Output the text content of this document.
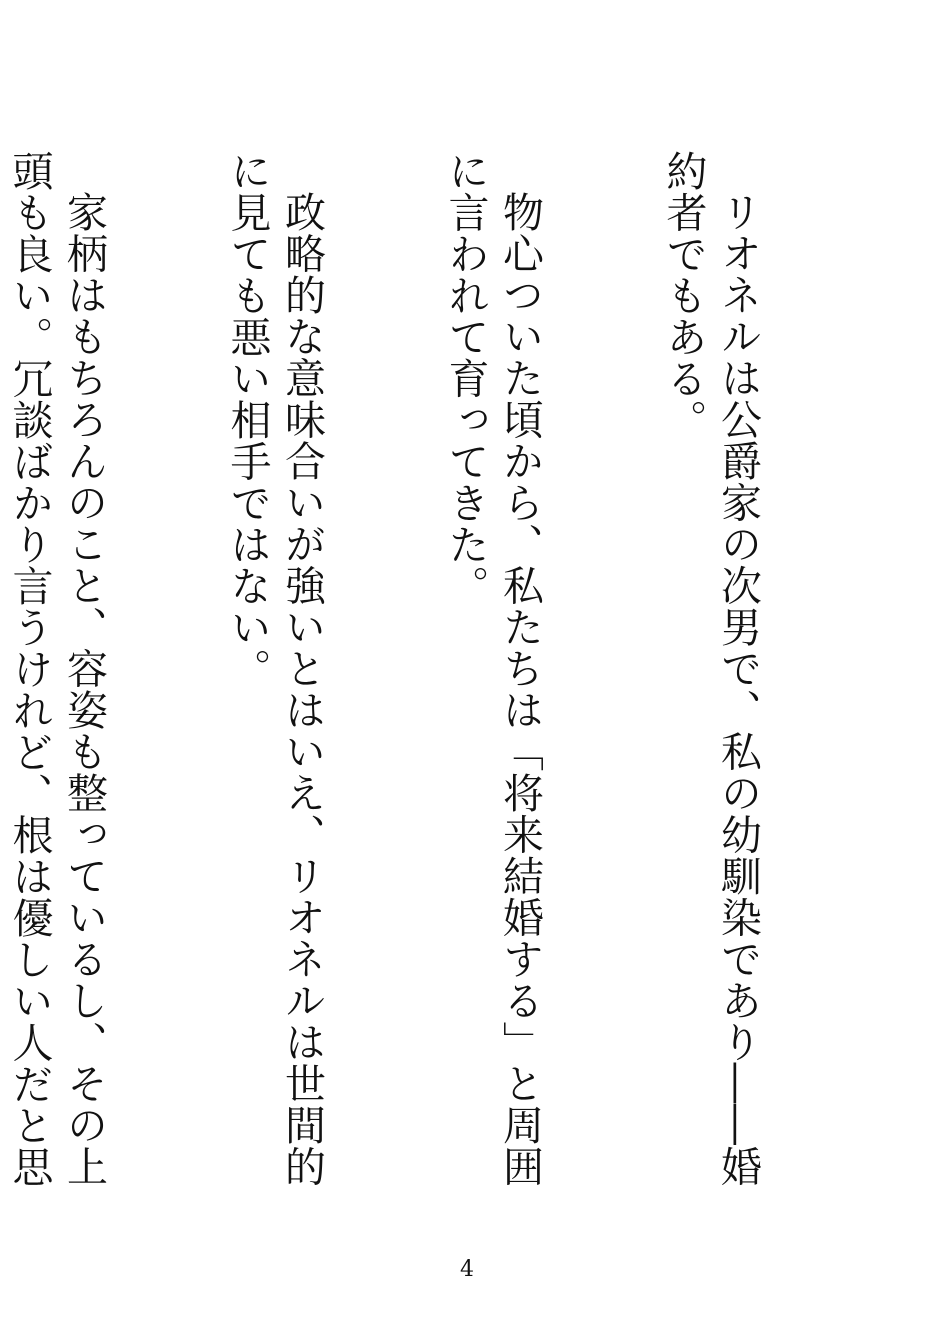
リオネルは公爵家の次男で、私の幼馴染であり――婚約者でもある。

物心ついた頃から、私たちは「将来結婚する」と周囲に言われて育ってきた。

政略的な意味合いが強いとはいえ、リオネルは世間的に見ても悪い相手ではない。

家柄はもちろんのこと、容姿も整っているし、その上頭も良い。冗談ばかり言うけれど、根は優しい人だと思

4
